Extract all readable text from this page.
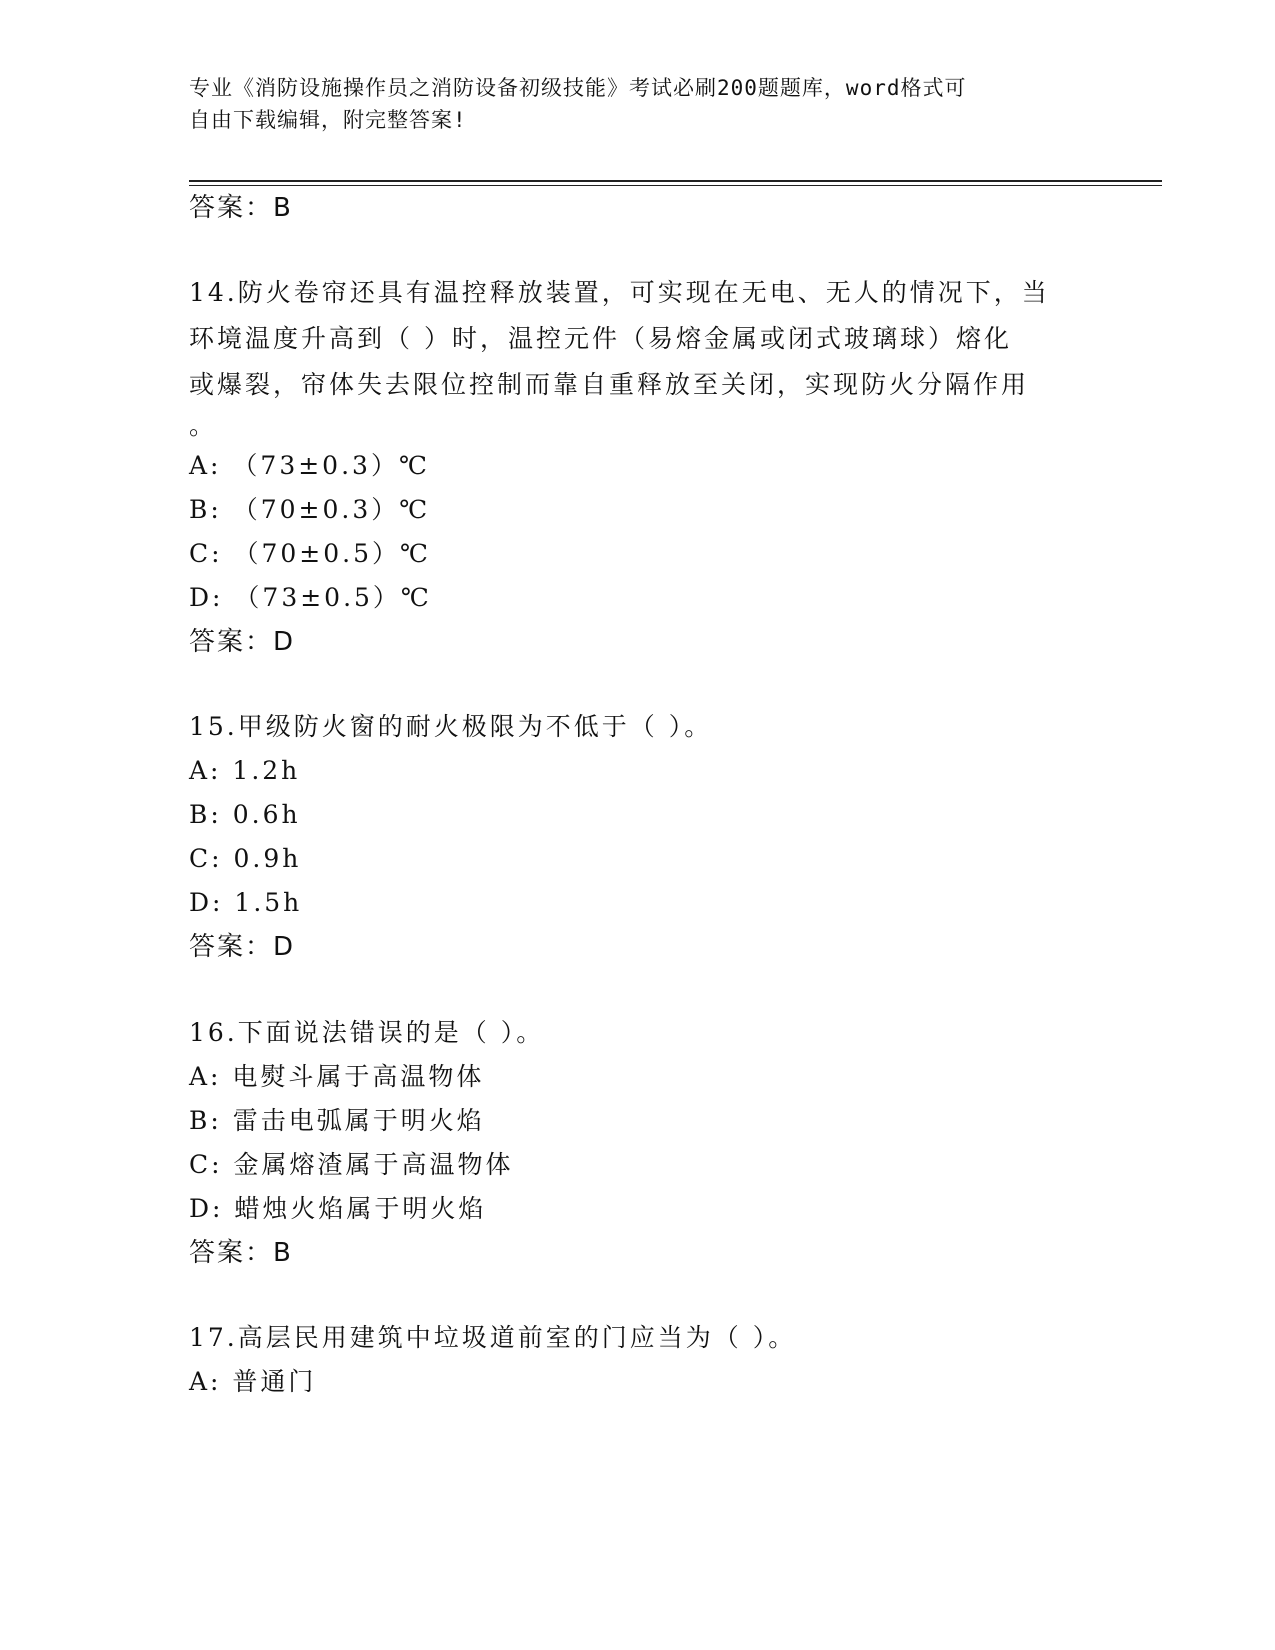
专业《消防设施操作员之消防设备初级技能》考试必刷200题题库，word格式可
自由下载编辑，附完整答案!
答案：B
14.防火卷帘还具有温控释放装置，可实现在无电、无人的情况下，当
环境温度升高到（ ）时，温控元件（易熔金属或闭式玻璃球）熔化
或爆裂，帘体失去限位控制而靠自重释放至关闭，实现防火分隔作用
。
A: （73±0.3）℃
B: （70±0.3）℃
C: （70±0.5）℃
D: （73±0.5）℃
答案：D
15.甲级防火窗的耐火极限为不低于（ ）。
A: 1.2h
B: 0.6h
C: 0.9h
D: 1.5h
答案：D
16.下面说法错误的是（ ）。
A: 电熨斗属于高温物体
B: 雷击电弧属于明火焰
C: 金属熔渣属于高温物体
D: 蜡烛火焰属于明火焰
答案：B
17.高层民用建筑中垃圾道前室的门应当为（ ）。
A: 普通门
